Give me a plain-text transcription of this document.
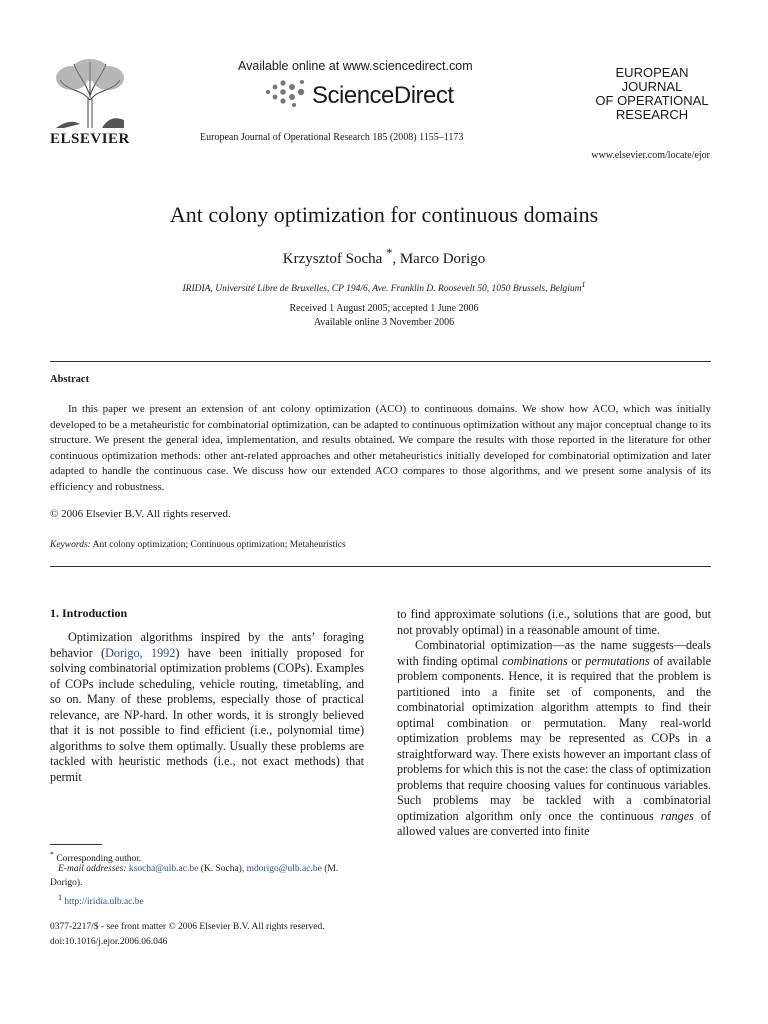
ELSEVIER
Available online at www.sciencedirect.com
ScienceDirect
European Journal of Operational Research 185 (2008) 1155–1173
EUROPEAN
JOURNAL
OF OPERATIONAL
RESEARCH
www.elsevier.com/locate/ejor
Ant colony optimization for continuous domains
Krzysztof Socha *, Marco Dorigo
IRIDIA, Université Libre de Bruxelles, CP 194/6, Ave. Franklin D. Roosevelt 50, 1050 Brussels, Belgium$^1$
Received 1 August 2005; accepted 1 June 2006
Available online 3 November 2006
Abstract

In this paper we present an extension of ant colony optimization (ACO) to continuous domains. We show how ACO, which was initially developed to be a metaheuristic for combinatorial optimization, can be adapted to continuous optimization without any major conceptual change to its structure. We present the general idea, implementation, and results obtained. We compare the results with those reported in the literature for other continuous optimization methods: other ant-related approaches and other metaheuristics initially developed for combinatorial optimization and later adapted to handle the continuous case. We discuss how our extended ACO compares to those algorithms, and we present some analysis of its efficiency and robustness.

© 2006 Elsevier B.V. All rights reserved.
Keywords: Ant colony optimization; Continuous optimization; Metaheuristics
1. Introduction

Optimization algorithms inspired by the ants’ foraging behavior (Dorigo, 1992) have been initially proposed for solving combinatorial optimization problems (COPs). Examples of COPs include scheduling, vehicle routing, timetabling, and so on. Many of these problems, especially those of practical relevance, are NP-hard. In other words, it is strongly believed that it is not possible to find efficient (i.e., polynomial time) algorithms to solve them optimally. Usually these problems are tackled with heuristic methods (i.e., not exact methods) that permit

to find approximate solutions (i.e., solutions that are good, but not provably optimal) in a reasonable amount of time.

Combinatorial optimization—as the name suggests—deals with finding optimal combinations or permutations of available problem components. Hence, it is required that the problem is partitioned into a finite set of components, and the combinatorial optimization algorithm attempts to find their optimal combination or permutation. Many real-world optimization problems may be represented as COPs in a straightforward way. There exists however an important class of problems for which this is not the case: the class of optimization problems that require choosing values for continuous variables. Such problems may be tackled with a combinatorial optimization algorithm only once the continuous ranges of allowed values are converted into finite

* Corresponding author.
E-mail addresses: ksocha@ulb.ac.be (K. Socha), mdorigo@ulb.ac.be (M. Dorigo).
$^1$ http://iridia.ulb.ac.be
0377-2217/$ - see front matter © 2006 Elsevier B.V. All rights reserved.
doi:10.1016/j.ejor.2006.06.046
